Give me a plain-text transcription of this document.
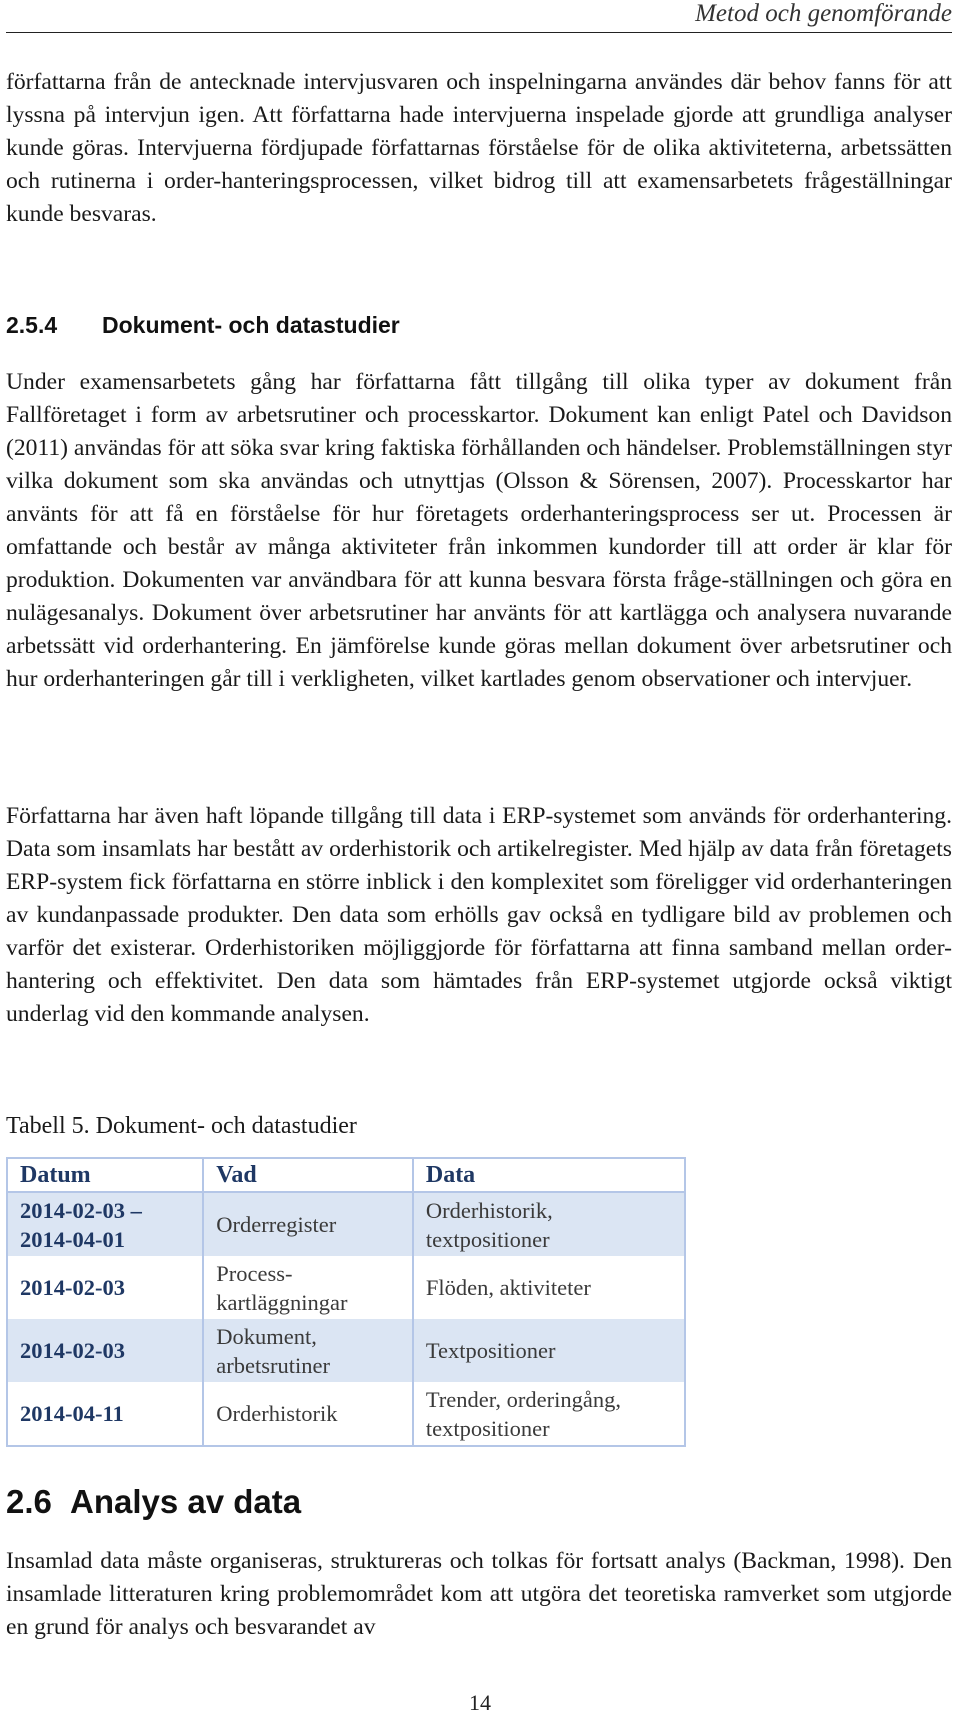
Metod och genomförande

författarna från de antecknade intervjusvaren och inspelningarna användes där behov fanns för att lyssna på intervjun igen. Att författarna hade intervjuerna inspelade gjorde att grundliga analyser kunde göras. Intervjuerna fördjupade författarnas förståelse för de olika aktiviteterna, arbetssätten och rutinerna i order-hanteringsprocessen, vilket bidrog till att examensarbetets frågeställningar kunde besvaras.

2.5.4 Dokument- och datastudier

Under examensarbetets gång har författarna fått tillgång till olika typer av dokument från Fallföretaget i form av arbetsrutiner och processkartor. Dokument kan enligt Patel och Davidson (2011) användas för att söka svar kring faktiska förhållanden och händelser. Problemställningen styr vilka dokument som ska användas och utnyttjas (Olsson & Sörensen, 2007). Processkartor har använts för att få en förståelse för hur företagets orderhanteringsprocess ser ut. Processen är omfattande och består av många aktiviteter från inkommen kundorder till att order är klar för produktion. Dokumenten var användbara för att kunna besvara första fråge-ställningen och göra en nulägesanalys. Dokument över arbetsrutiner har använts för att kartlägga och analysera nuvarande arbetssätt vid orderhantering. En jämförelse kunde göras mellan dokument över arbetsrutiner och hur orderhanteringen går till i verkligheten, vilket kartlades genom observationer och intervjuer.

Författarna har även haft löpande tillgång till data i ERP-systemet som används för orderhantering. Data som insamlats har bestått av orderhistorik och artikelregister. Med hjälp av data från företagets ERP-system fick författarna en större inblick i den komplexitet som föreligger vid orderhanteringen av kundanpassade produkter. Den data som erhölls gav också en tydligare bild av problemen och varför det existerar. Orderhistoriken möjliggjorde för författarna att finna samband mellan order-hantering och effektivitet. Den data som hämtades från ERP-systemet utgjorde också viktigt underlag vid den kommande analysen.

Tabell 5. Dokument- och datastudier

Datum	Vad	Data
2014-02-03 – 2014-04-01	Orderregister	Orderhistorik, textpositioner
2014-02-03	Process-kartläggningar	Flöden, aktiviteter
2014-02-03	Dokument, arbetsrutiner	Textpositioner
2014-04-11	Orderhistorik	Trender, orderingång, textpositioner
2.6 Analys av data

Insamlad data måste organiseras, struktureras och tolkas för fortsatt analys (Backman, 1998). Den insamlade litteraturen kring problemområdet kom att utgöra det teoretiska ramverket som utgjorde en grund för analys och besvarandet av

14
